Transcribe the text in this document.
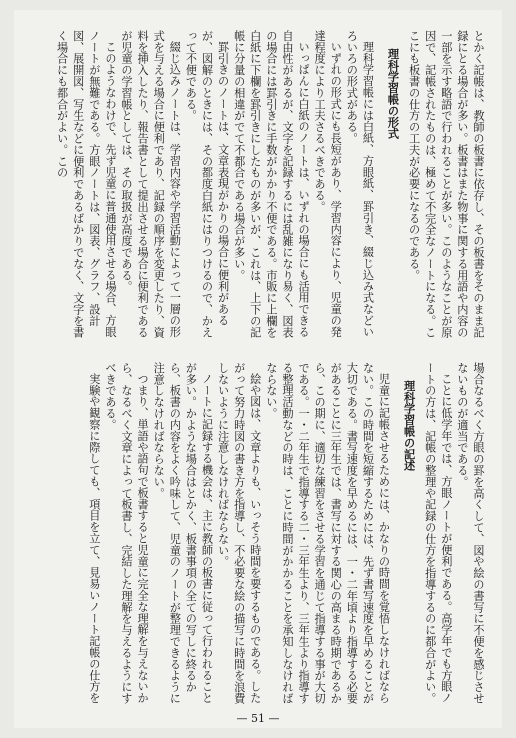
とかく記帳は、教師の板書に依存し、その板書をそのまま記録にとる場合が多い。板書はまた物事に関する用語や内容の一部を示す略語で行われることが多い。このようなことが原因で、記帳されたものは、極めて不完全なノートになる。ここにも板書の仕方の工夫が必要になるのである。

理科学習帳の形式

理科学習帳には白紙、方眼紙、罫引き、綴じ込み式などいろいろの形式がある。

いずれの形式にも長短があり、学習内容により、児童の発達程度により工夫さるべきである。

いっぱんに白紙のノートは、いずれの場合にも活用できる自由性があるが、文字を記録するには乱雑になり易く、図表の場合には罫引きに手数がかかり不便である。市販に上欄を白紙に下欄を罫引きにしたものが多いが、これは、上下の記帳に分量の相違がでて不都合である場合が多い。

罫引きのノートは、文章表現がかりの場合に便利があるが、図解のときには、その都度白紙にはりつけるので、かえって不便である。

綴じ込みノートは、学習内容や学習活動によって一層の形式を与える場合に便利であり、記録の順序を変更したり、資料を挿入したり、報告書として提出させる場合に便利であるが児童の学習帳としては、その取扱が高度である。

このようなわけで、先ず児童に普通使用させる場合、方眼ノートが無難である。方眼ノートは、図表、グラフ、設計図、展開図、写生などに便利であるばかりでなく、文字を書く場合にも都合がよい。この

場合なるべく方眼の罫を高くして、図や絵の書写に不便を感じさせないものが適当である。

ことに低学年では、方眼ノートが便利である。高学年でも方眼ノートの方は、記帳の整理や記録の仕方を指導するのに都合がよい。

理科学習帳の記述

児童に記帳させるためには、かなりの時間を覚悟しなければならない。この時間を短縮するためには、先ず書写速度を早めることが大切である。書写速度を早めるには、一・二年頃より指導する必要があることに三年生では、書写に対する関心の高まる時期であるから、この期に、適切な練習をさせる学習を通じて指導する事が大切である。一・二年生で指導する二・三年生より、三年生より指導する整理活動などの時は、ことに時間がかかることを承知しなければならない。

絵や図は、文章よりも、いっそう時間を要するものである。したがって努力時図の書き方を指導し、不必要な絵の描写に時間を浪費しないように注意しなければならない。

ノートに記録する機会は、主に教師の板書に従って行われることが多い。かような場合はとかく、板書事項の全ての写しに終るから、板書の内容をよく吟味して、児童のノートが整理できるように注意しなければならない。

つまり、単語や語句で板書すると児童に完全な理解を与えないから、なるべく文章によって板書し、完結した理解を与えるようにすべきである。

実験や観察に際しても、項目を立て、見易いノート記帳の仕方を

— 51 —
